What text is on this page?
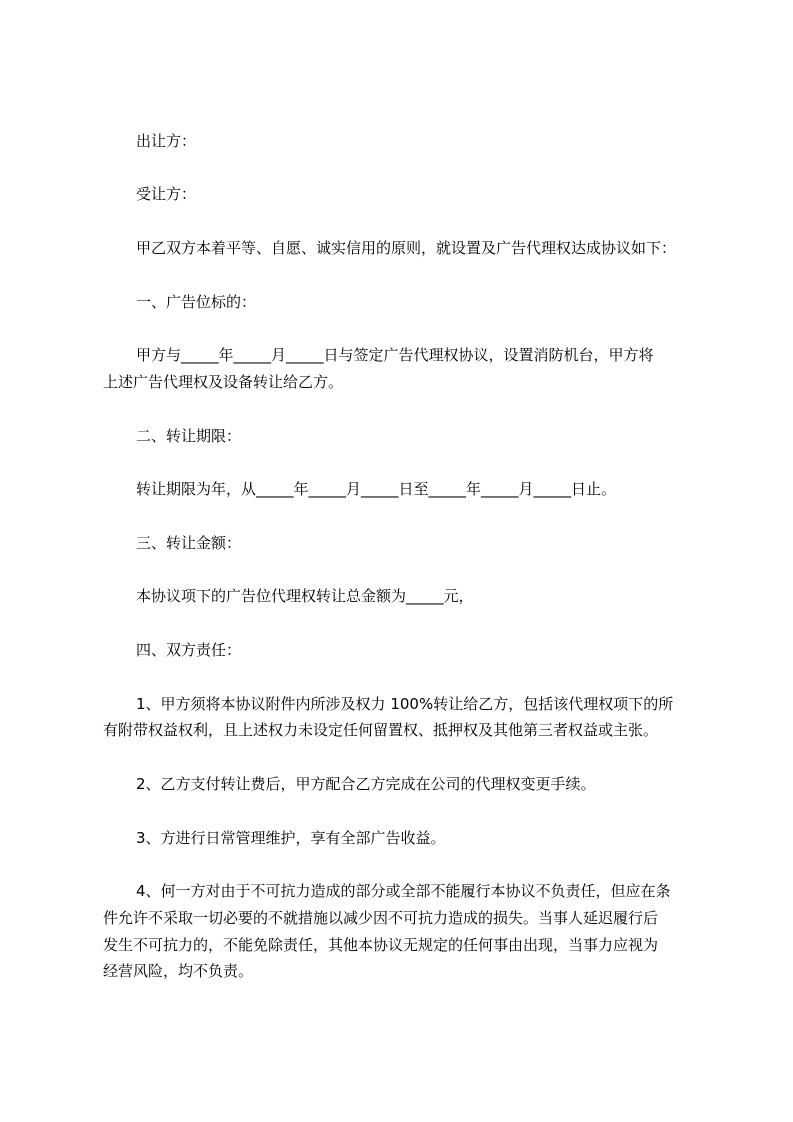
出让方：
受让方：
甲乙双方本着平等、自愿、诚实信用的原则，就设置及广告代理权达成协议如下：
一、广告位标的：
甲方与_____年_____月_____日与签定广告代理权协议，设置消防机台，甲方将
上述广告代理权及设备转让给乙方。
二、转让期限：
转让期限为年，从_____年_____月_____日至_____年_____月_____日止。
三、转让金额：
本协议项下的广告位代理权转让总金额为_____元，
四、双方责任：
1、甲方须将本协议附件内所涉及权力 100%转让给乙方，包括该代理权项下的所
有附带权益权利，且上述权力未设定任何留置权、抵押权及其他第三者权益或主张。
2、乙方支付转让费后，甲方配合乙方完成在公司的代理权变更手续。
3、方进行日常管理维护，享有全部广告收益。
4、何一方对由于不可抗力造成的部分或全部不能履行本协议不负责任，但应在条
件允许不采取一切必要的不就措施以减少因不可抗力造成的损失。当事人延迟履行后
发生不可抗力的，不能免除责任，其他本协议无规定的任何事由出现，当事力应视为
经营风险，均不负责。
